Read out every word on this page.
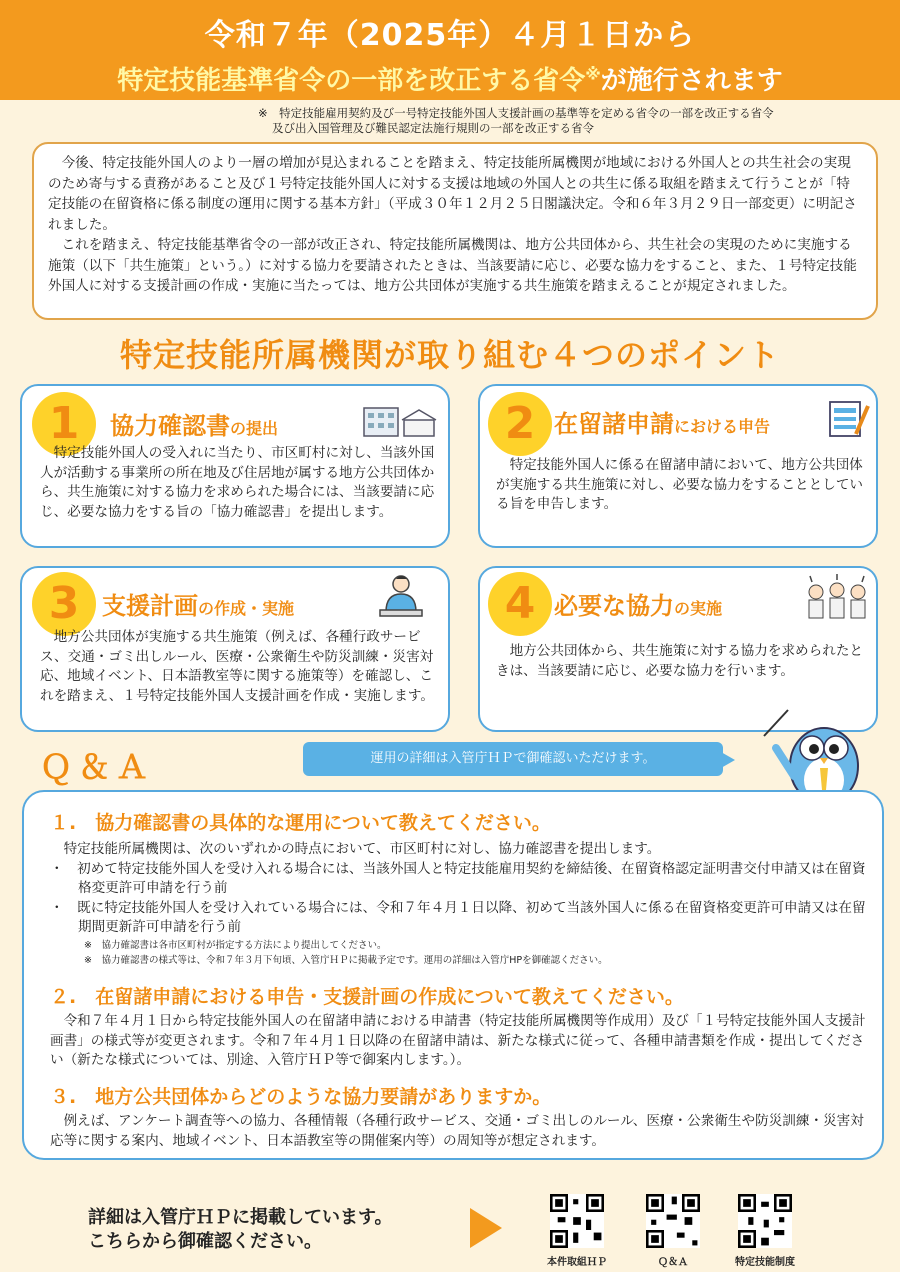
令和７年（2025年）４月１日から
特定技能基準省令の一部を改正する省令※が施行されます
※　特定技能雇用契約及び一号特定技能外国人支援計画の基準等を定める省令の一部を改正する省令
及び出入国管理及び難民認定法施行規則の一部を改正する省令

今後、特定技能外国人のより一層の増加が見込まれることを踏まえ、特定技能所属機関が地域における外国人との共生社会の実現のため寄与する責務があること及び１号特定技能外国人に対する支援は地域の外国人との共生に係る取組を踏まえて行うことが「特定技能の在留資格に係る制度の運用に関する基本方針」（平成３０年１２月２５日閣議決定。令和６年３月２９日一部変更）に明記されました。

これを踏まえ、特定技能基準省令の一部が改正され、特定技能所属機関は、地方公共団体から、共生社会の実現のために実施する施策（以下「共生施策」という。）に対する協力を要請されたときは、当該要請に応じ、必要な協力をすること、また、１号特定技能外国人に対する支援計画の作成・実施に当たっては、地方公共団体が実施する共生施策を踏まえることが規定されました。

特定技能所属機関が取り組む４つのポイント
1	協力確認書の提出

特定技能外国人の受入れに当たり、市区町村に対し、当該外国人が活動する事業所の所在地及び住居地が属する地方公共団体から、共生施策に対する協力を求められた場合には、当該要請に応じ、必要な協力をする旨の「協力確認書」を提出します。

2 在留諸申請における申告

特定技能外国人に係る在留諸申請において、地方公共団体が実施する共生施策に対し、必要な協力をすることとしている旨を申告します。

3 支援計画の作成・実施

地方公共団体が実施する共生施策（例えば、各種行政サービス、交通・ゴミ出しルール、医療・公衆衛生や防災訓練・災害対応、地域イベント、日本語教室等に関する施策等）を確認し、これを踏まえ、１号特定技能外国人支援計画を作成・実施します。

4 必要な協力の実施

地方公共団体から、共生施策に対する協力を求められたときは、当該要請に応じ、必要な協力を行います。

Ｑ＆Ａ	運用の詳細は入管庁ＨＰで御確認いただけます。
１.　協力確認書の具体的な運用について教えてください。
特定技能所属機関は、次のいずれかの時点において、市区町村に対し、協力確認書を提出します。
・　初めて特定技能外国人を受け入れる場合には、当該外国人と特定技能雇用契約を締結後、在留資格認定証明書交付申請又は在留資格変更許可申請を行う前
・　既に特定技能外国人を受け入れている場合には、令和７年４月１日以降、初めて当該外国人に係る在留資格変更許可申請又は在留期間更新許可申請を行う前
※　協力確認書は各市区町村が指定する方法により提出してください。
※　協力確認書の様式等は、令和７年３月下旬頃、入管庁ＨＰに掲載予定です。運用の詳細は入管庁HPを御確認ください。
２.　在留諸申請における申告・支援計画の作成について教えてください。
令和７年４月１日から特定技能外国人の在留諸申請における申請書（特定技能所属機関等作成用）及び「１号特定技能外国人支援計画書」の様式等が変更されます。令和７年４月１日以降の在留諸申請は、新たな様式に従って、各種申請書類を作成・提出してください（新たな様式については、別途、入管庁ＨＰ等で御案内します。）。
３.　地方公共団体からどのような協力要請がありますか。
例えば、アンケート調査等への協力、各種情報（各種行政サービス、交通・ゴミ出しのルール、医療・公衆衛生や防災訓練・災害対応等に関する案内、地域イベント、日本語教室等の開催案内等）の周知等が想定されます。
詳細は入管庁ＨＰに掲載しています。
こちらから御確認ください。
本件取組ＨＰ	Ｑ＆Ａ	特定技能制度
